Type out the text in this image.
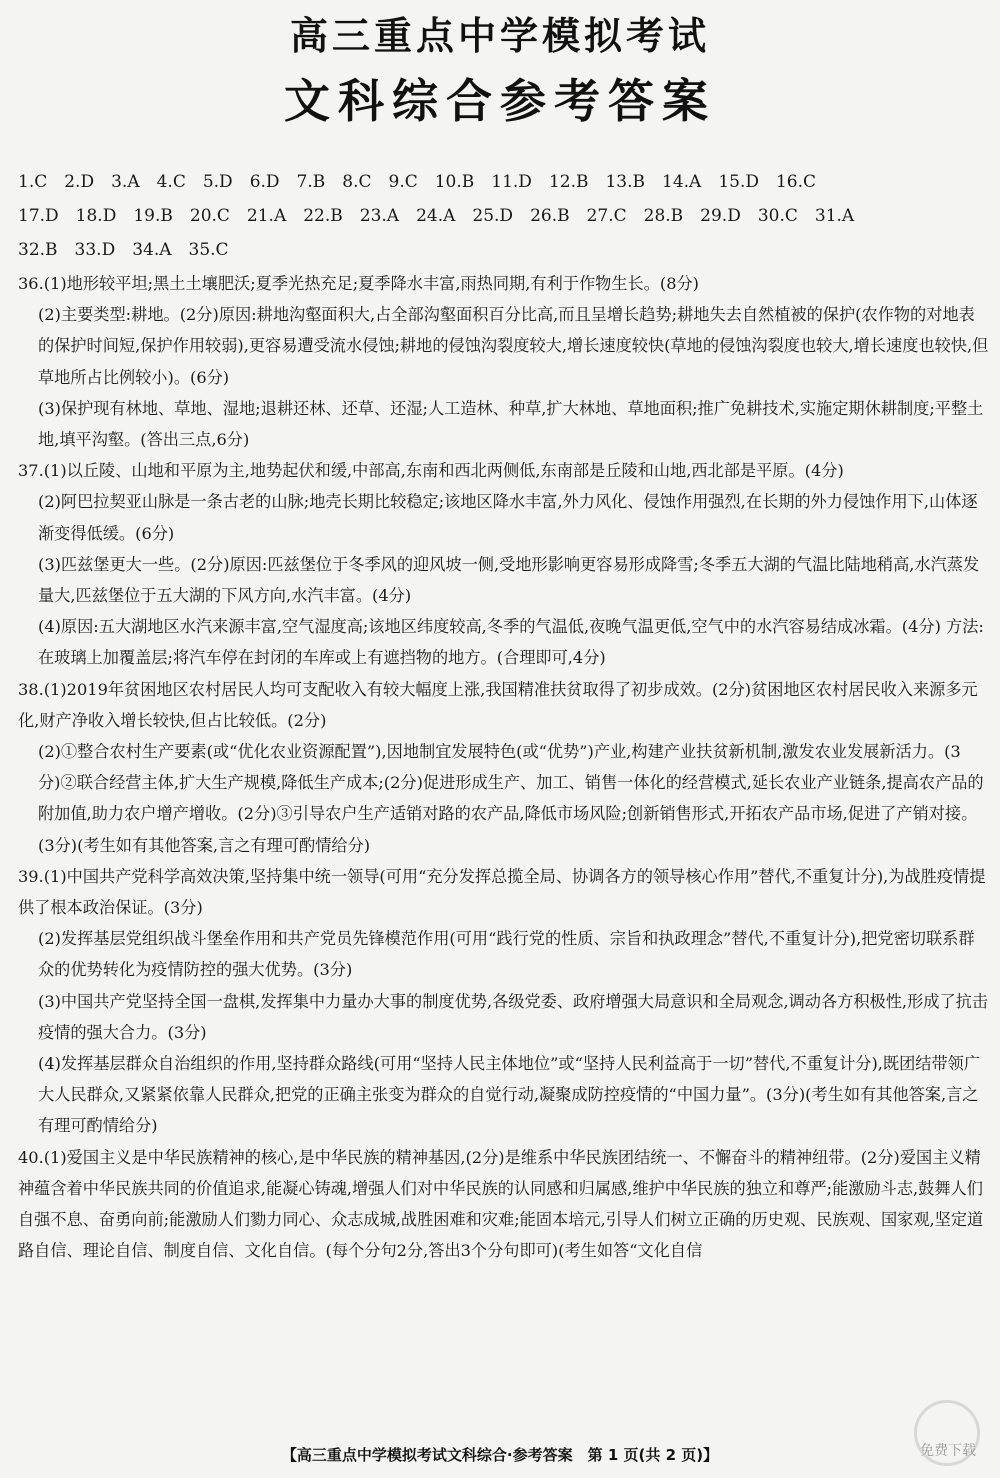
高三重点中学模拟考试
文科综合参考答案
1.C 2.D 3.A 4.C 5.D 6.D 7.B 8.C 9.C 10.B 11.D 12.B 13.B 14.A 15.D 16.C
17.D 18.D 19.B 20.C 21.A 22.B 23.A 24.A 25.D 26.B 27.C 28.B 29.D 30.C 31.A
32.B 33.D 34.A 35.C

36.(1)地形较平坦;黑土土壤肥沃;夏季光热充足;夏季降水丰富,雨热同期,有利于作物生长。(8分)

(2)主要类型:耕地。(2分)原因:耕地沟壑面积大,占全部沟壑面积百分比高,而且呈增长趋势;耕地失去自然植被的保护(农作物的对地表的保护时间短,保护作用较弱),更容易遭受流水侵蚀;耕地的侵蚀沟裂度较大,增长速度较快(草地的侵蚀沟裂度也较大,增长速度也较快,但草地所占比例较小)。(6分)

(3)保护现有林地、草地、湿地;退耕还林、还草、还湿;人工造林、种草,扩大林地、草地面积;推广免耕技术,实施定期休耕制度;平整土地,填平沟壑。(答出三点,6分)

37.(1)以丘陵、山地和平原为主,地势起伏和缓,中部高,东南和西北两侧低,东南部是丘陵和山地,西北部是平原。(4分)

(2)阿巴拉契亚山脉是一条古老的山脉;地壳长期比较稳定;该地区降水丰富,外力风化、侵蚀作用强烈,在长期的外力侵蚀作用下,山体逐渐变得低缓。(6分)

(3)匹兹堡更大一些。(2分)原因:匹兹堡位于冬季风的迎风坡一侧,受地形影响更容易形成降雪;冬季五大湖的气温比陆地稍高,水汽蒸发量大,匹兹堡位于五大湖的下风方向,水汽丰富。(4分)

(4)原因:五大湖地区水汽来源丰富,空气湿度高;该地区纬度较高,冬季的气温低,夜晚气温更低,空气中的水汽容易结成冰霜。(4分) 方法:在玻璃上加覆盖层;将汽车停在封闭的车库或上有遮挡物的地方。(合理即可,4分)

38.(1)2019年贫困地区农村居民人均可支配收入有较大幅度上涨,我国精准扶贫取得了初步成效。(2分)贫困地区农村居民收入来源多元化,财产净收入增长较快,但占比较低。(2分)

(2)①整合农村生产要素(或“优化农业资源配置”),因地制宜发展特色(或“优势”)产业,构建产业扶贫新机制,激发农业发展新活力。(3分)②联合经营主体,扩大生产规模,降低生产成本;(2分)促进形成生产、加工、销售一体化的经营模式,延长农业产业链条,提高农产品的附加值,助力农户增产增收。(2分)③引导农户生产适销对路的农产品,降低市场风险;创新销售形式,开拓农产品市场,促进了产销对接。(3分)(考生如有其他答案,言之有理可酌情给分)

39.(1)中国共产党科学高效决策,坚持集中统一领导(可用“充分发挥总揽全局、协调各方的领导核心作用”替代,不重复计分),为战胜疫情提供了根本政治保证。(3分)

(2)发挥基层党组织战斗堡垒作用和共产党员先锋模范作用(可用“践行党的性质、宗旨和执政理念”替代,不重复计分),把党密切联系群众的优势转化为疫情防控的强大优势。(3分)

(3)中国共产党坚持全国一盘棋,发挥集中力量办大事的制度优势,各级党委、政府增强大局意识和全局观念,调动各方积极性,形成了抗击疫情的强大合力。(3分)

(4)发挥基层群众自治组织的作用,坚持群众路线(可用“坚持人民主体地位”或“坚持人民利益高于一切”替代,不重复计分),既团结带领广大人民群众,又紧紧依靠人民群众,把党的正确主张变为群众的自觉行动,凝聚成防控疫情的“中国力量”。(3分)(考生如有其他答案,言之有理可酌情给分)

40.(1)爱国主义是中华民族精神的核心,是中华民族的精神基因,(2分)是维系中华民族团结统一、不懈奋斗的精神纽带。(2分)爱国主义精神蕴含着中华民族共同的价值追求,能凝心铸魂,增强人们对中华民族的认同感和归属感,维护中华民族的独立和尊严;能激励斗志,鼓舞人们自强不息、奋勇向前;能激励人们勠力同心、众志成城,战胜困难和灾难;能固本培元,引导人们树立正确的历史观、民族观、国家观,坚定道路自信、理论自信、制度自信、文化自信。(每个分句2分,答出3个分句即可)(考生如答“文化自信

【高三重点中学模拟考试文科综合·参考答案　第 1 页(共 2 页)】	免费下载
